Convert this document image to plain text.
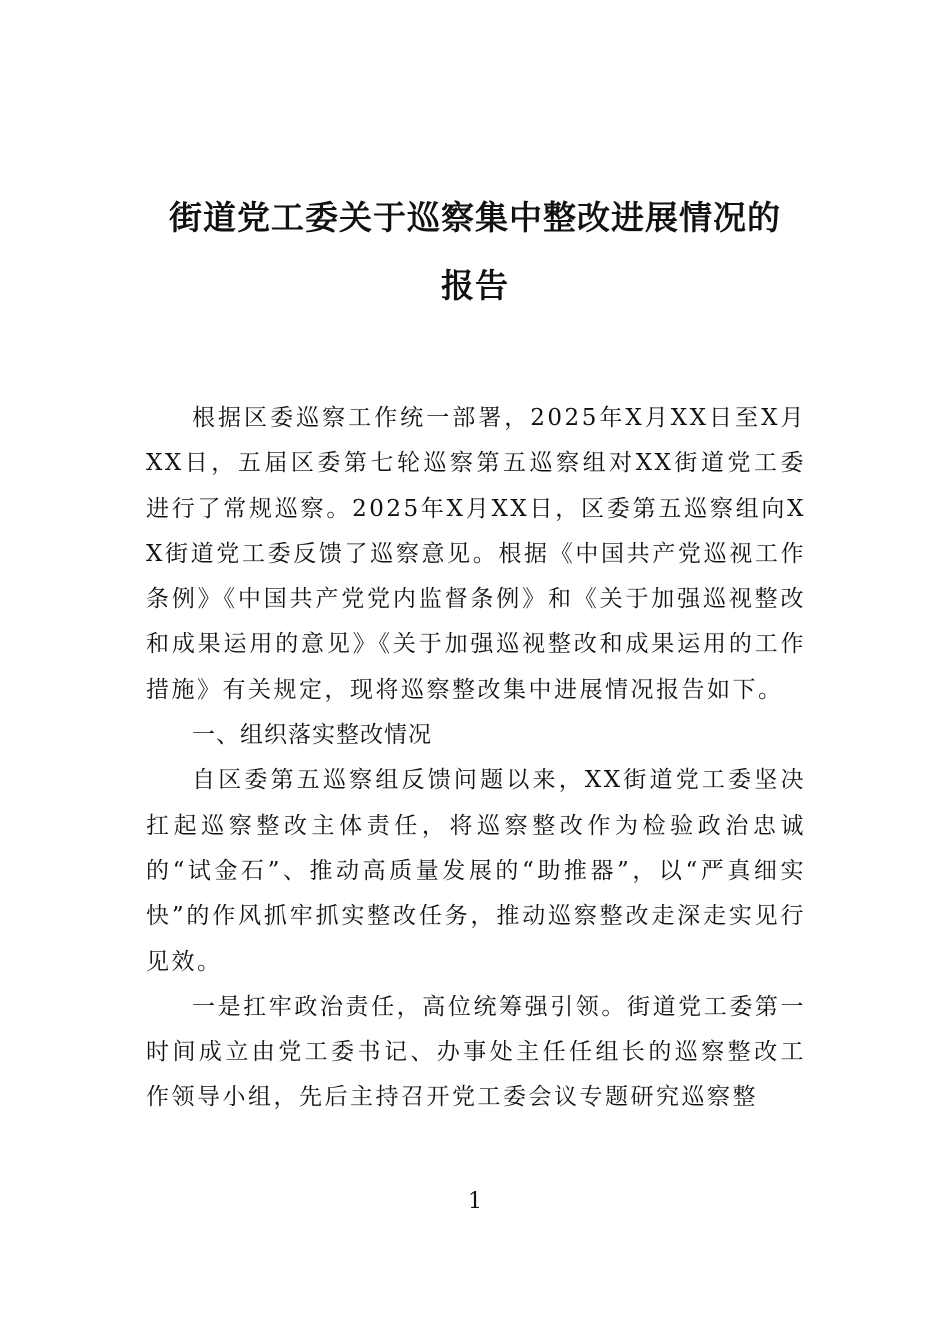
街道党工委关于巡察集中整改进展情况的
报告

根据区委巡察工作统一部署，2025年X月XX日至X月XX日，五届区委第七轮巡察第五巡察组对XX街道党工委进行了常规巡察。2025年X月XX日，区委第五巡察组向XX街道党工委反馈了巡察意见。根据《中国共产党巡视工作条例》《中国共产党党内监督条例》和《关于加强巡视整改和成果运用的意见》《关于加强巡视整改和成果运用的工作措施》有关规定，现将巡察整改集中进展情况报告如下。

一、组织落实整改情况

自区委第五巡察组反馈问题以来，XX街道党工委坚决扛起巡察整改主体责任，将巡察整改作为检验政治忠诚的“试金石”、推动高质量发展的“助推器”，以“严真细实快”的作风抓牢抓实整改任务，推动巡察整改走深走实见行见效。

一是扛牢政治责任，高位统筹强引领。街道党工委第一时间成立由党工委书记、办事处主任任组长的巡察整改工作领导小组，先后主持召开党工委会议专题研究巡察整

1
